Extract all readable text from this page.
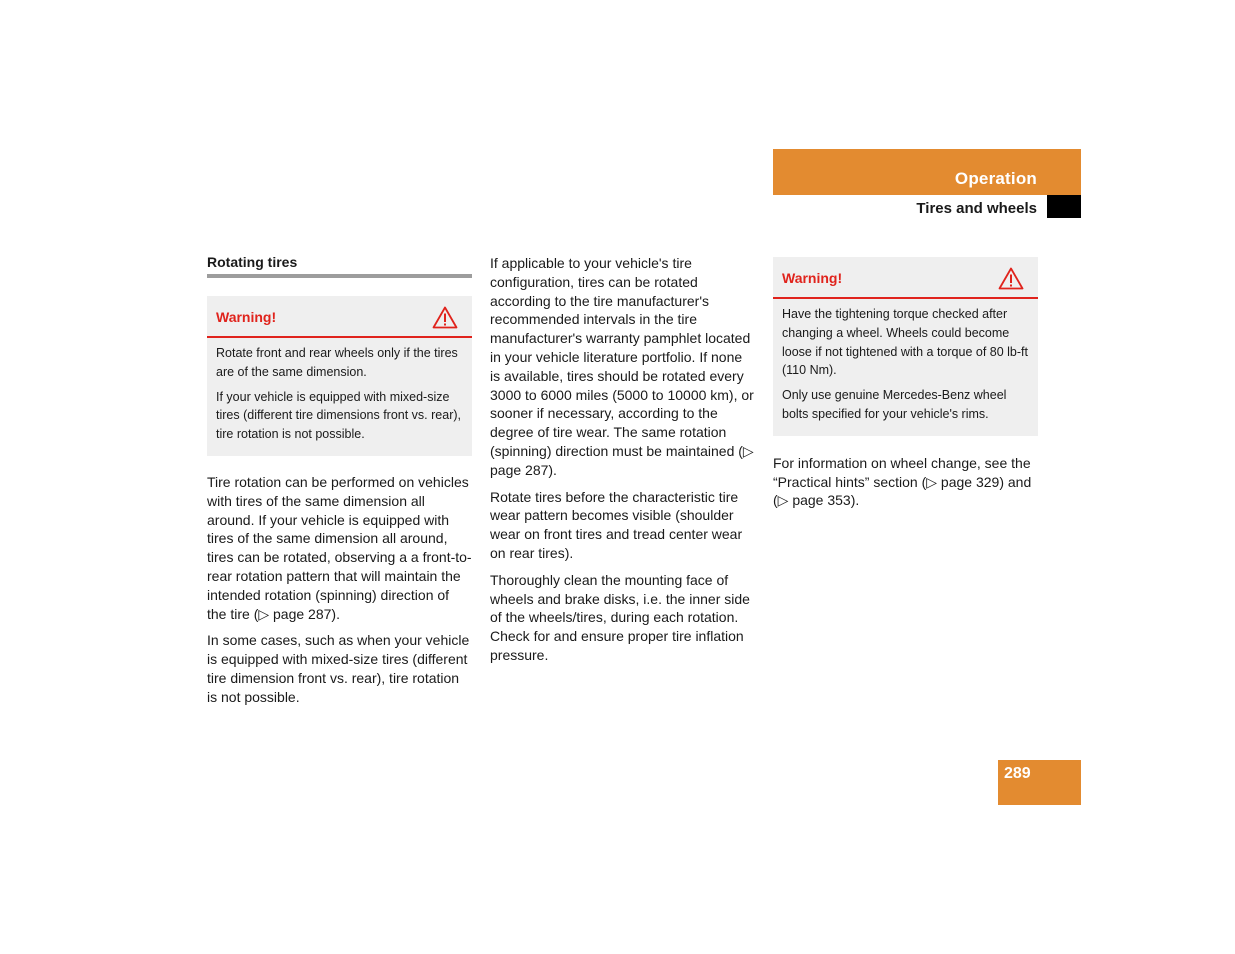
Operation
Tires and wheels
Rotating tires
Warning!

Rotate front and rear wheels only if the tires are of the same dimension.

If your vehicle is equipped with mixed-size tires (different tire dimensions front vs. rear), tire rotation is not possible.

Tire rotation can be performed on vehicles with tires of the same dimension all around. If your vehicle is equipped with tires of the same dimension all around, tires can be rotated, observing a a front-to-rear rotation pattern that will maintain the intended rotation (spinning) direction of the tire (▷ page 287).

In some cases, such as when your vehicle is equipped with mixed-size tires (different tire dimension front vs. rear), tire rotation is not possible.

If applicable to your vehicle's tire configuration, tires can be rotated according to the tire manufacturer's recommended intervals in the tire manufacturer's warranty pamphlet located in your vehicle literature portfolio. If none is available, tires should be rotated every 3000 to 6000 miles (5000 to 10000 km), or sooner if necessary, according to the degree of tire wear. The same rotation (spinning) direction must be maintained (▷ page 287).

Rotate tires before the characteristic tire wear pattern becomes visible (shoulder wear on front tires and tread center wear on rear tires).

Thoroughly clean the mounting face of wheels and brake disks, i.e. the inner side of the wheels/tires, during each rotation. Check for and ensure proper tire inflation pressure.

Warning!

Have the tightening torque checked after changing a wheel. Wheels could become loose if not tightened with a torque of 80 lb-ft (110 Nm).

Only use genuine Mercedes-Benz wheel bolts specified for your vehicle's rims.

For information on wheel change, see the “Practical hints” section (▷ page 329) and (▷ page 353).

289
